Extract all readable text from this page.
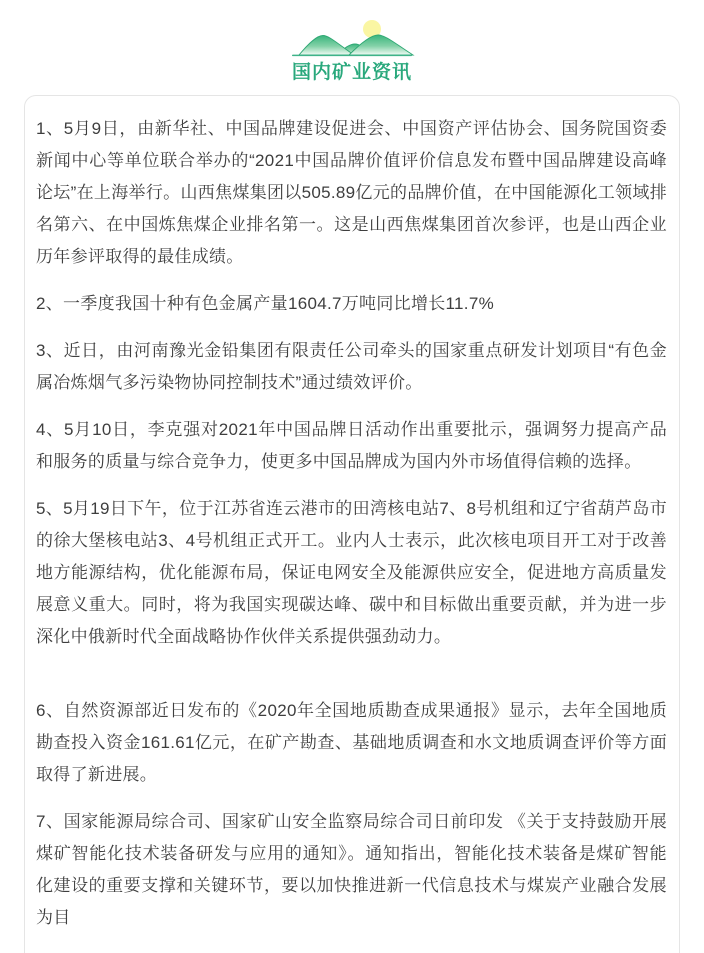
国内矿业资讯

1、5月9日，由新华社、中国品牌建设促进会、中国资产评估协会、国务院国资委新闻中心等单位联合举办的“2021中国品牌价值评价信息发布暨中国品牌建设高峰论坛”在上海举行。山西焦煤集团以505.89亿元的品牌价值，在中国能源化工领域排名第六、在中国炼焦煤企业排名第一。这是山西焦煤集团首次参评，也是山西企业历年参评取得的最佳成绩。

2、一季度我国十种有色金属产量1604.7万吨同比增长11.7%

3、近日，由河南豫光金铅集团有限责任公司牵头的国家重点研发计划项目“有色金属冶炼烟气多污染物协同控制技术”通过绩效评价。

4、5月10日，李克强对2021年中国品牌日活动作出重要批示，强调努力提高产品和服务的质量与综合竞争力，使更多中国品牌成为国内外市场值得信赖的选择。

5、5月19日下午，位于江苏省连云港市的田湾核电站7、8号机组和辽宁省葫芦岛市的徐大堡核电站3、4号机组正式开工。业内人士表示，此次核电项目开工对于改善地方能源结构，优化能源布局，保证电网安全及能源供应安全，促进地方高质量发展意义重大。同时，将为我国实现碳达峰、碳中和目标做出重要贡献，并为进一步深化中俄新时代全面战略协作伙伴关系提供强劲动力。

6、自然资源部近日发布的《2020年全国地质勘查成果通报》显示，去年全国地质勘查投入资金161.61亿元，在矿产勘查、基础地质调查和水文地质调查评价等方面取得了新进展。

7、国家能源局综合司、国家矿山安全监察局综合司日前印发 《关于支持鼓励开展煤矿智能化技术装备研发与应用的通知》。通知指出，智能化技术装备是煤矿智能化建设的重要支撑和关键环节，要以加快推进新一代信息技术与煤炭产业融合发展为目
